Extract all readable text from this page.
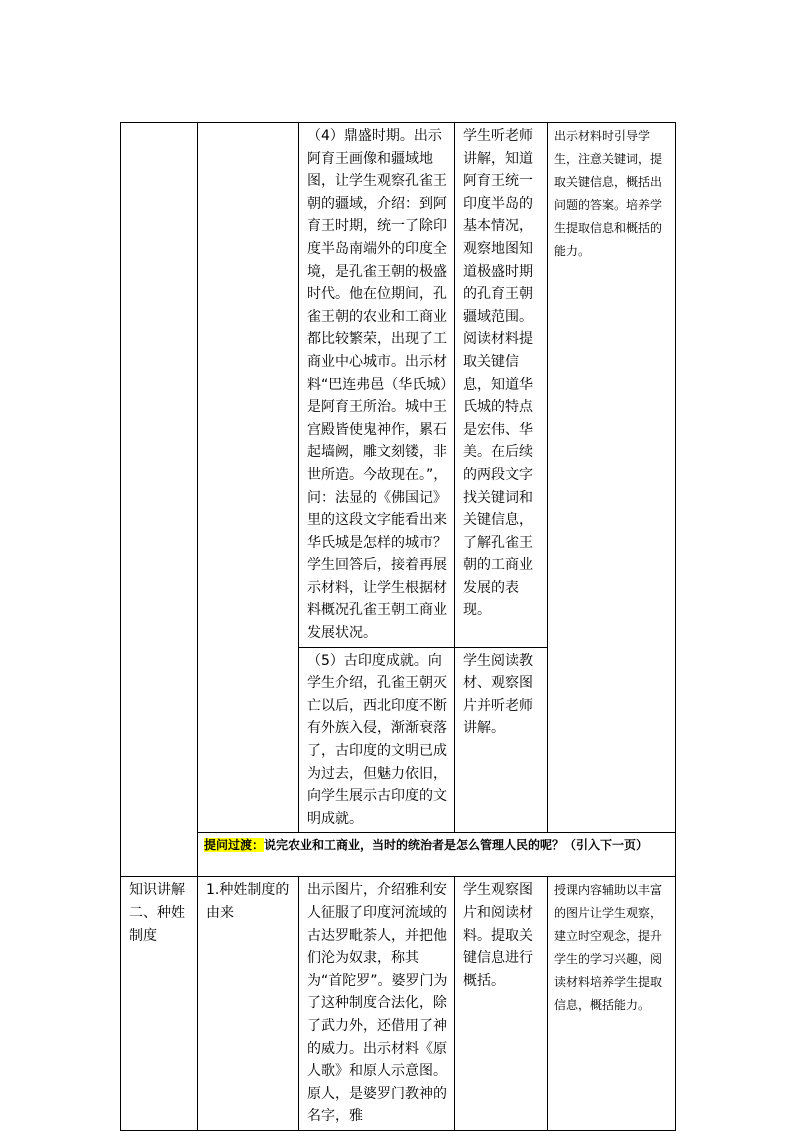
		（4）鼎盛时期。出示阿育王画像和疆域地图，让学生观察孔雀王朝的疆域，介绍：到阿育王时期，统一了除印度半岛南端外的印度全境，是孔雀王朝的极盛时代。他在位期间，孔雀王朝的农业和工商业都比较繁荣，出现了工商业中心城市。出示材料“巴连弗邑（华氏城）是阿育王所治。城中王宫殿皆使鬼神作，累石起墙阙，雕文刻镂，非世所造。今故现在。”，问：法显的《佛国记》里的这段文字能看出来华氏城是怎样的城市？学生回答后，接着再展示材料，让学生根据材料概况孔雀王朝工商业发展状况。	学生听老师讲解，知道阿育王统一印度半岛的基本情况，观察地图知道极盛时期的孔育王朝疆域范围。阅读材料提取关键信息，知道华氏城的特点是宏伟、华美。在后续的两段文字找关键词和关键信息，了解孔雀王朝的工商业发展的表现。	出示材料时引导学生，注意关键词，提取关键信息，概括出问题的答案。培养学生提取信息和概括的能力。
		（5）古印度成就。向学生介绍，孔雀王朝灭亡以后，西北印度不断有外族入侵，渐渐衰落了，古印度的文明已成为过去，但魅力依旧，向学生展示古印度的文明成就。	学生阅读教材、观察图片并听老师讲解。	
	提问过渡：说完农业和工商业，当时的统治者是怎么管理人民的呢？（引入下一页）			
知识讲解二、种姓制度	1.种姓制度的由来	出示图片，介绍雅利安人征服了印度河流域的古达罗毗荼人，并把他们沦为奴隶，称其为“首陀罗”。婆罗门为了这种制度合法化，除了武力外，还借用了神的威力。出示材料《原人歌》和原人示意图。原人，是婆罗门教神的名字，雅	学生观察图片和阅读材料。提取关键信息进行概括。	授课内容辅助以丰富的图片让学生观察，建立时空观念，提升学生的学习兴趣，阅读材料培养学生提取信息，概括能力。
